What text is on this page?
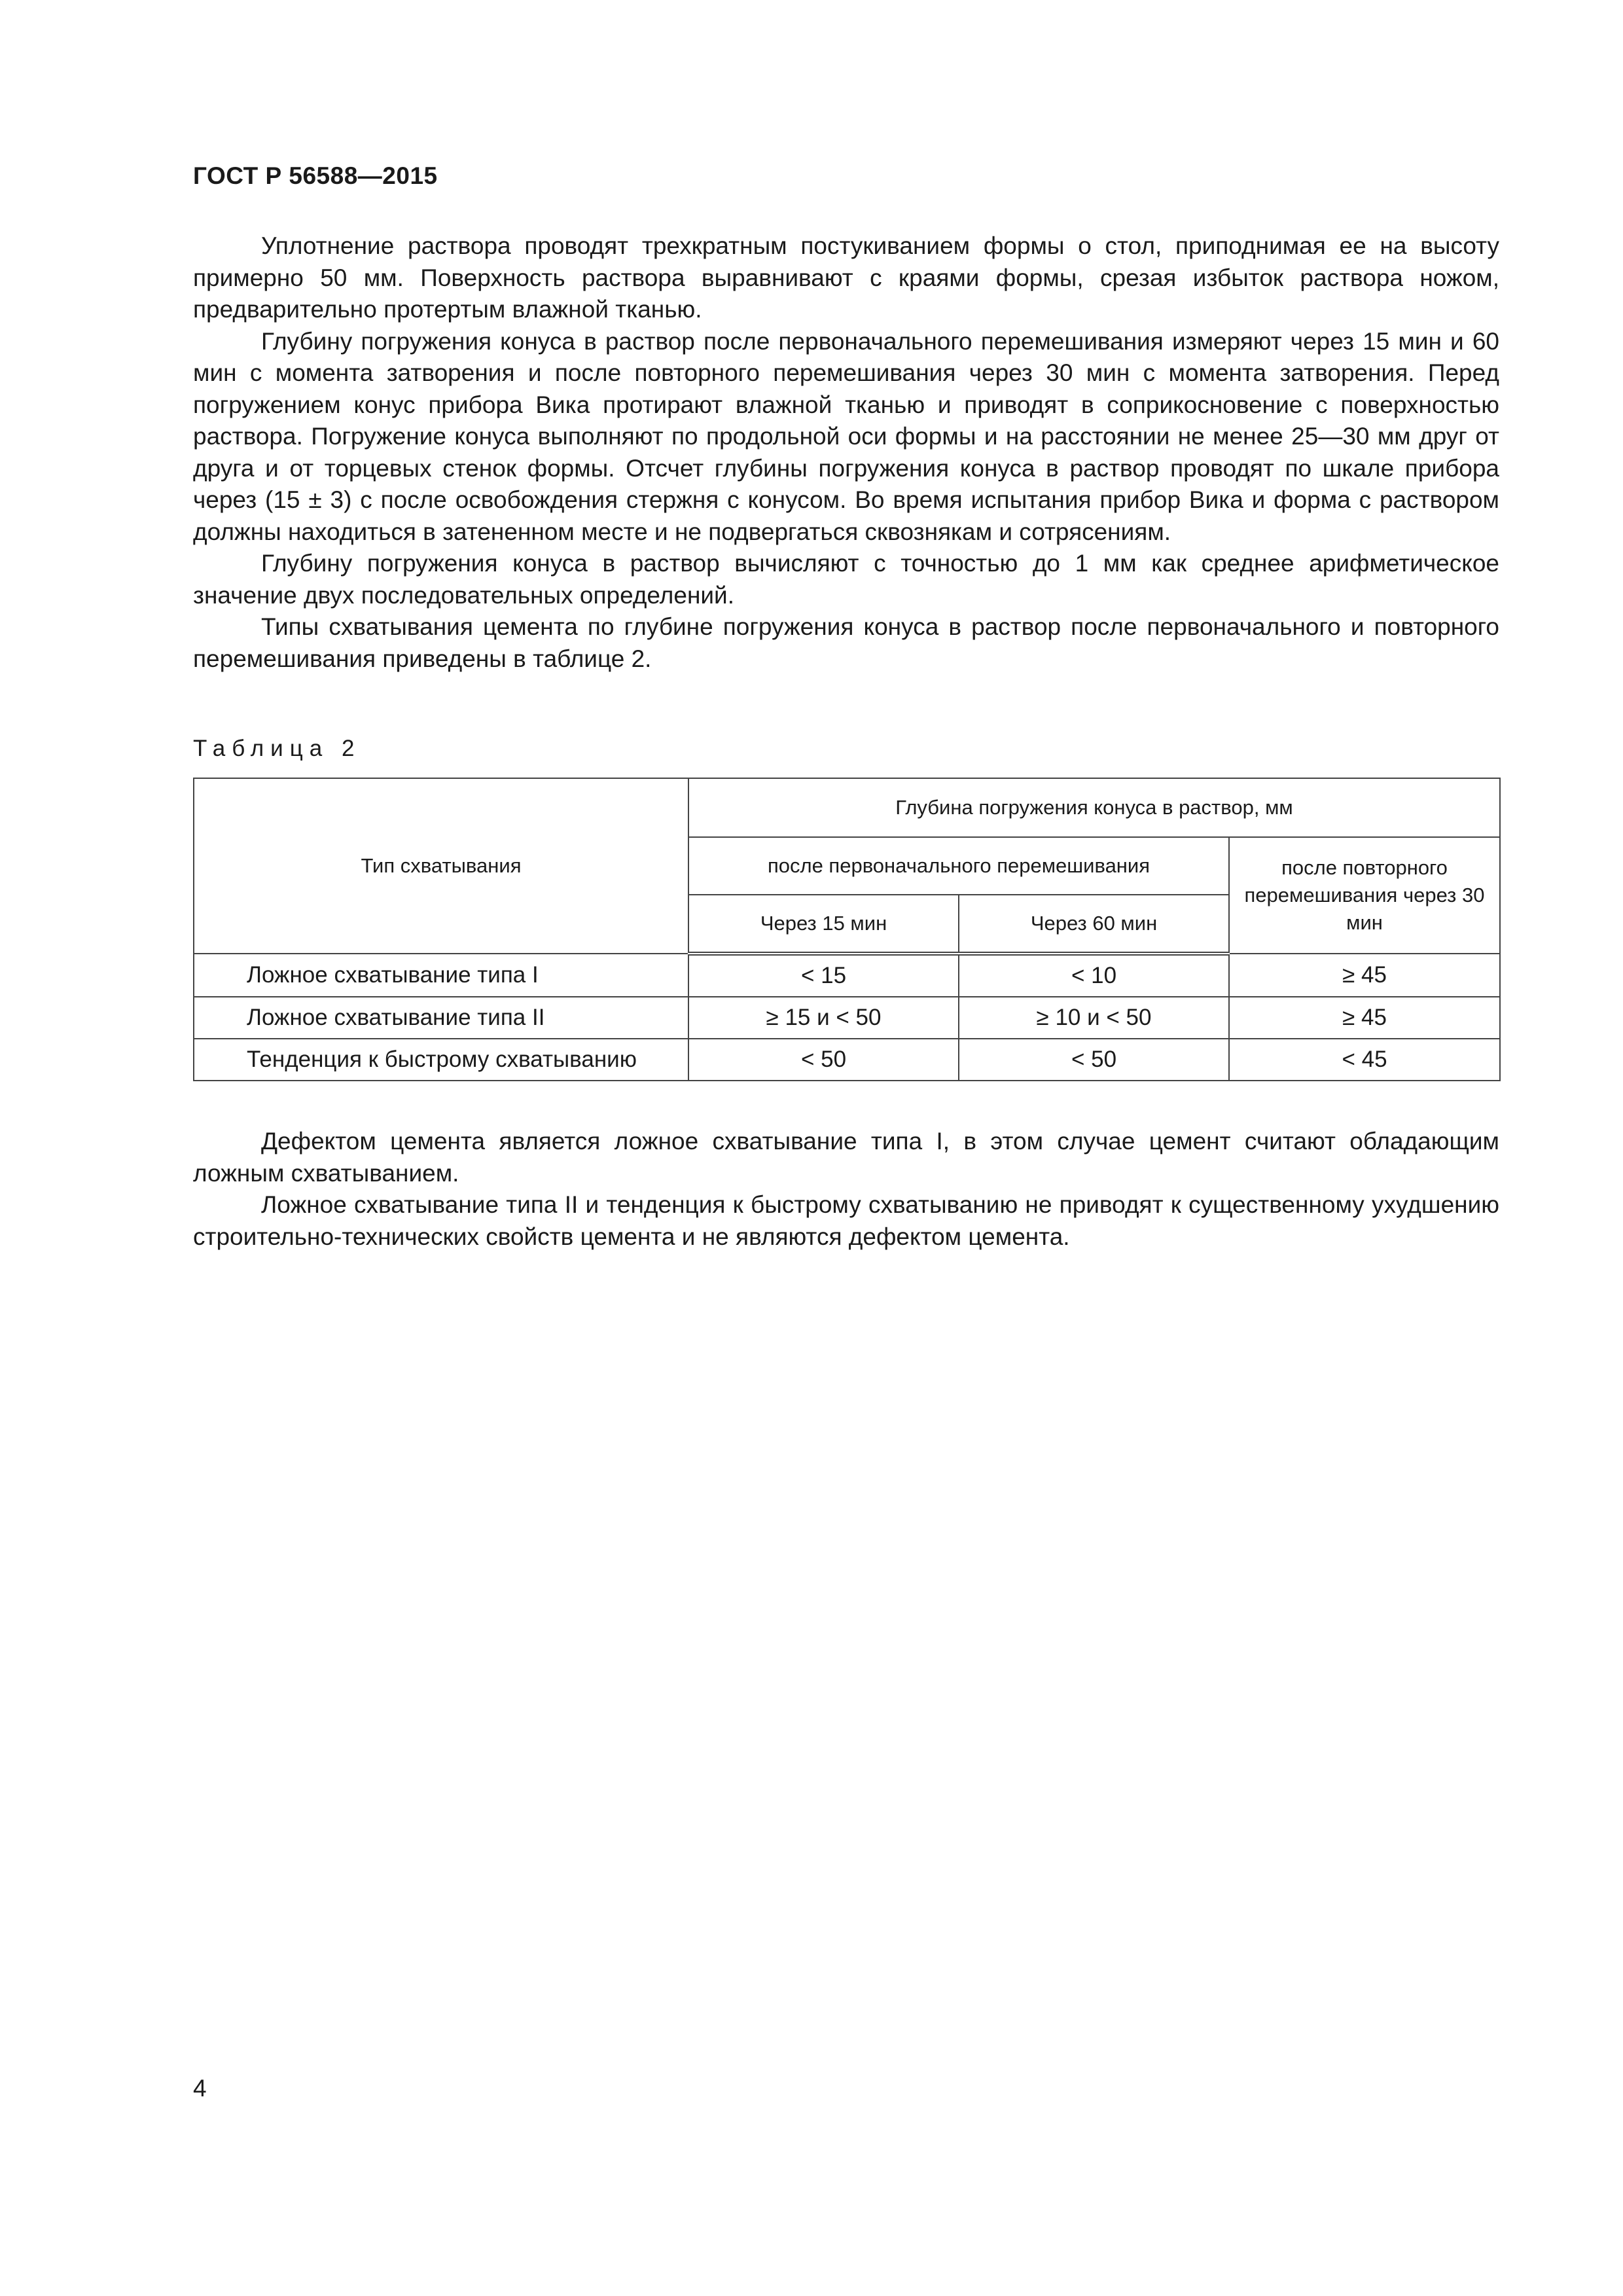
ГОСТ Р 56588—2015

Уплотнение раствора проводят трехкратным постукиванием формы о стол, приподнимая ее на высоту примерно 50 мм. Поверхность раствора выравнивают с краями формы, срезая избыток раствора ножом, предварительно протертым влажной тканью.

Глубину погружения конуса в раствор после первоначального перемешивания измеряют через 15 мин и 60 мин с момента затворения и после повторного перемешивания через 30 мин с момента затворения. Перед погружением конус прибора Вика протирают влажной тканью и приводят в соприкосновение с поверхностью раствора. Погружение конуса выполняют по продольной оси формы и на расстоянии не менее 25—30 мм друг от друга и от торцевых стенок формы. Отсчет глубины погружения конуса в раствор проводят по шкале прибора через (15 ± 3) с после освобождения стержня с конусом. Во время испытания прибор Вика и форма с раствором должны находиться в затененном месте и не подвергаться сквознякам и сотрясениям.

Глубину погружения конуса в раствор вычисляют с точностью до 1 мм как среднее арифметическое значение двух последовательных определений.

Типы схватывания цемента по глубине погружения конуса в раствор после первоначального и повторного перемешивания приведены в таблице 2.

Таблица 2
Тип схватывания	Глубина погружения конуса в раствор, мм		
	после первоначального перемешивания		после повторного перемешивания через 30 мин
	Через 15 мин	Через 60 мин	
Ложное схватывание типа I	< 15	< 10	≥ 45
Ложное схватывание типа II	≥ 15 и < 50	≥ 10 и < 50	≥ 45
Тенденция к быстрому схватыванию	< 50	< 50	< 45

Дефектом цемента является ложное схватывание типа I, в этом случае цемент считают обладающим ложным схватыванием.

Ложное схватывание типа II и тенденция к быстрому схватыванию не приводят к существенному ухудшению строительно-технических свойств цемента и не являются дефектом цемента.

4
